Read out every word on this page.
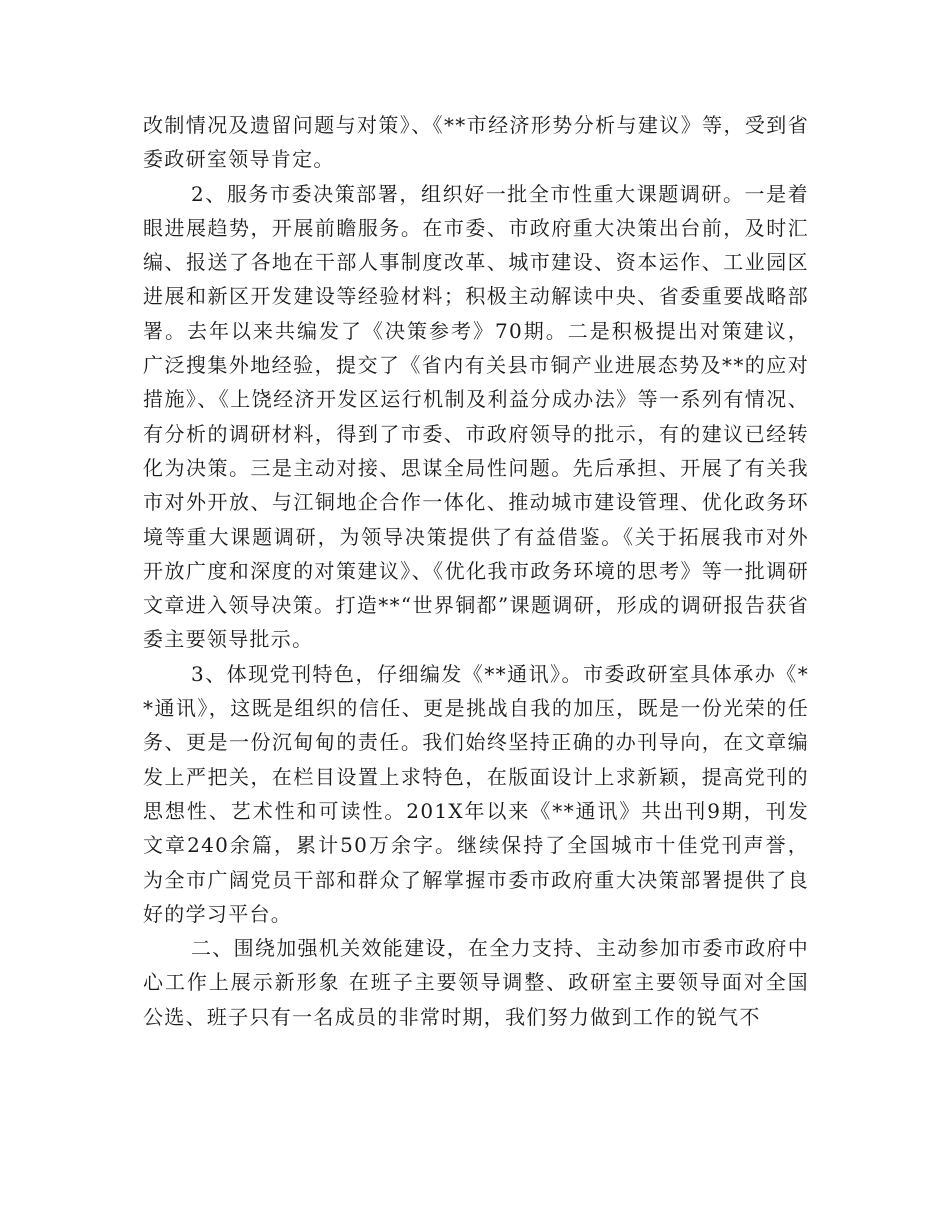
改制情况及遗留问题与对策》、《**市经济形势分析与建议》等，受到省委政研室领导肯定。

2、服务市委决策部署，组织好一批全市性重大课题调研。一是着眼进展趋势，开展前瞻服务。在市委、市政府重大决策出台前，及时汇编、报送了各地在干部人事制度改革、城市建设、资本运作、工业园区进展和新区开发建设等经验材料；积极主动解读中央、省委重要战略部署。去年以来共编发了《决策参考》70期。二是积极提出对策建议，广泛搜集外地经验，提交了《省内有关县市铜产业进展态势及**的应对措施》、《上饶经济开发区运行机制及利益分成办法》等一系列有情况、有分析的调研材料，得到了市委、市政府领导的批示，有的建议已经转化为决策。三是主动对接、思谋全局性问题。先后承担、开展了有关我市对外开放、与江铜地企合作一体化、推动城市建设管理、优化政务环境等重大课题调研，为领导决策提供了有益借鉴。《关于拓展我市对外开放广度和深度的对策建议》、《优化我市政务环境的思考》等一批调研文章进入领导决策。打造**“世界铜都”课题调研，形成的调研报告获省委主要领导批示。

3、体现党刊特色，仔细编发《**通讯》。市委政研室具体承办《**通讯》，这既是组织的信任、更是挑战自我的加压，既是一份光荣的任务、更是一份沉甸甸的责任。我们始终坚持正确的办刊导向，在文章编发上严把关，在栏目设置上求特色，在版面设计上求新颖，提高党刊的思想性、艺术性和可读性。201X年以来《**通讯》共出刊9期，刊发文章240余篇，累计50万余字。继续保持了全国城市十佳党刊声誉，为全市广阔党员干部和群众了解掌握市委市政府重大决策部署提供了良好的学习平台。

二、围绕加强机关效能建设，在全力支持、主动参加市委市政府中心工作上展示新形象 在班子主要领导调整、政研室主要领导面对全国公选、班子只有一名成员的非常时期，我们努力做到工作的锐气不
